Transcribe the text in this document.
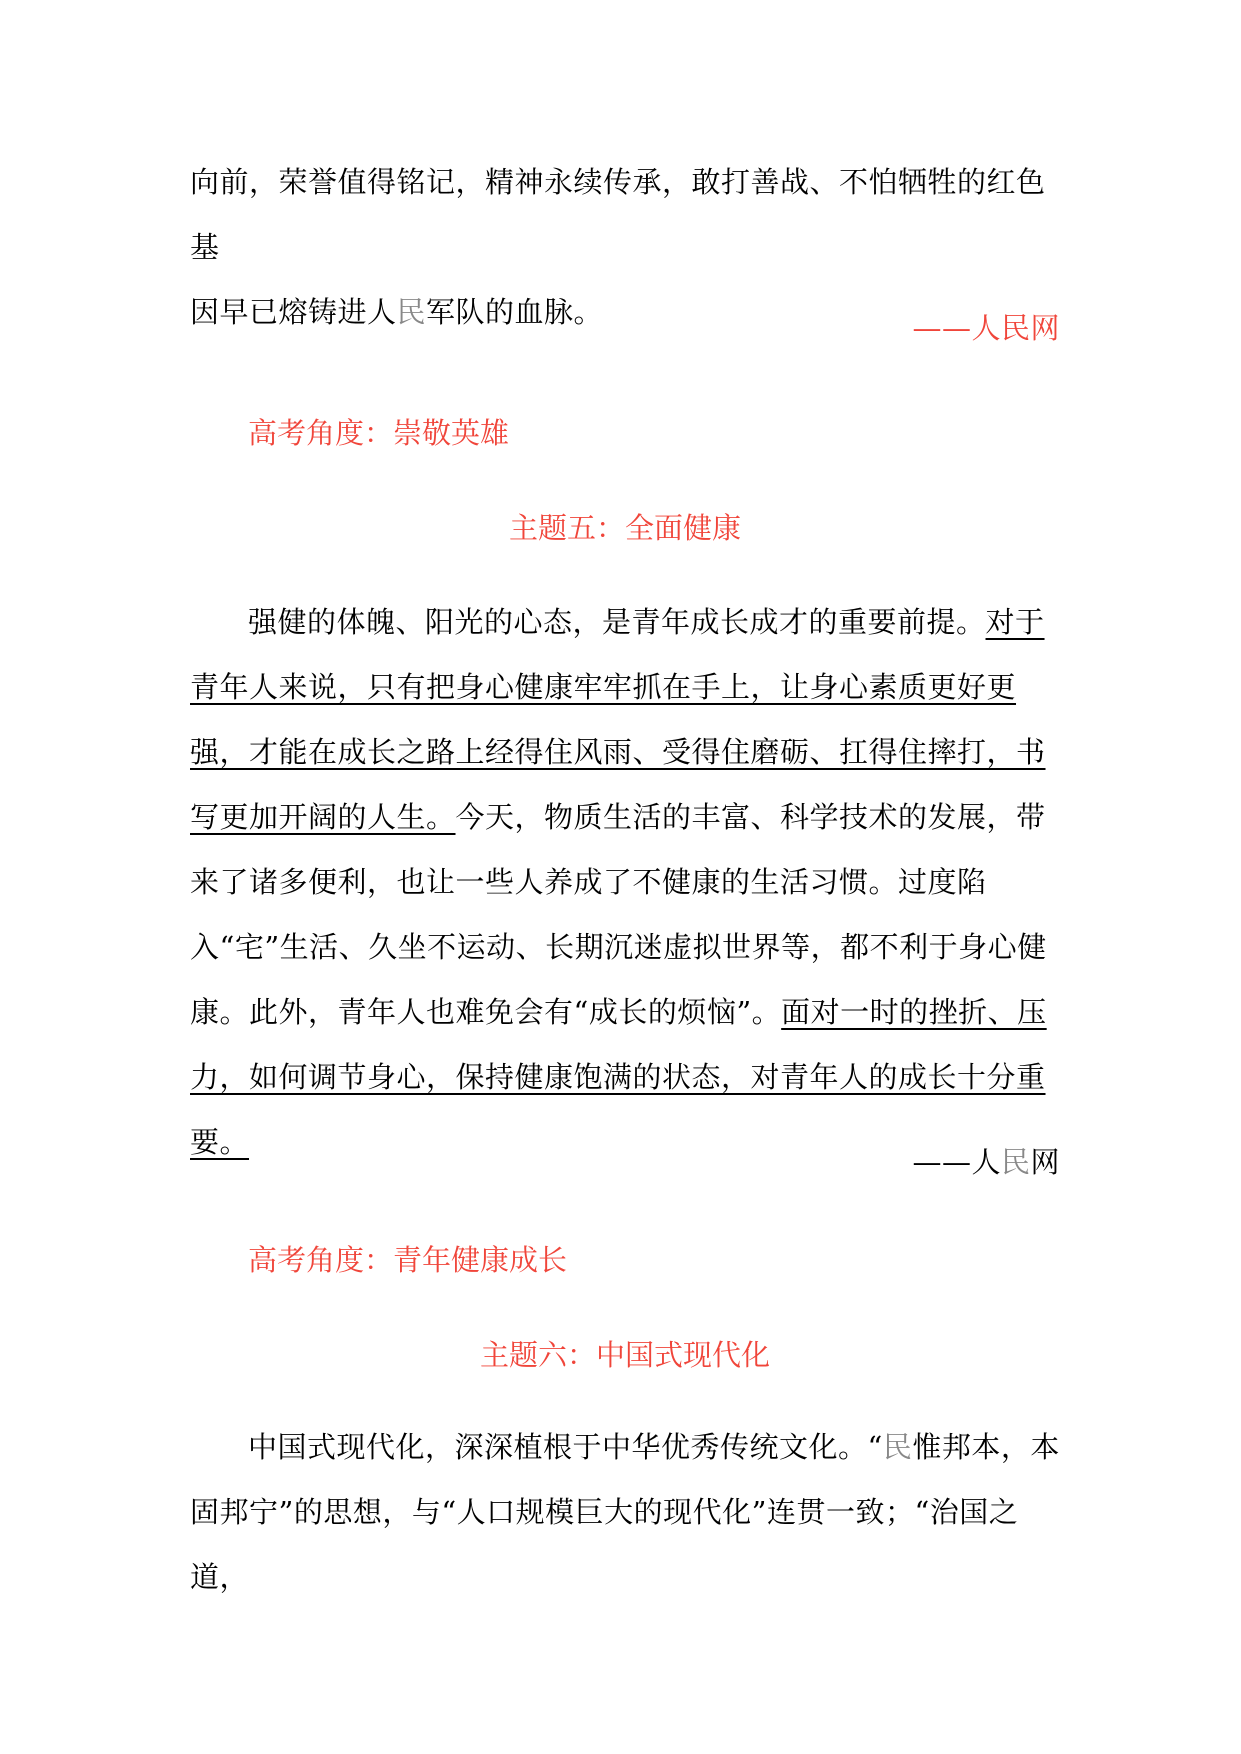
向前，荣誉值得铭记，精神永续传承，敢打善战、不怕牺牲的红色基
因早已熔铸进人民军队的血脉。	——人民网

高考角度：崇敬英雄

主题五：全面健康

强健的体魄、阳光的心态，是青年成长成才的重要前提。对于青年人来说，只有把身心健康牢牢抓在手上，让身心素质更好更强，才能在成长之路上经得住风雨、受得住磨砺、扛得住摔打，书写更加开阔的人生。今天，物质生活的丰富、科学技术的发展，带来了诸多便利，也让一些人养成了不健康的生活习惯。过度陷入“宅”生活、久坐不运动、长期沉迷虚拟世界等，都不利于身心健康。此外，青年人也难免会有“成长的烦恼”。面对一时的挫折、压力，如何调节身心，保持健康饱满的状态，对青年人的成长十分重要。

——人民网

高考角度：青年健康成长

主题六：中国式现代化

中国式现代化，深深植根于中华优秀传统文化。“民惟邦本，本固邦宁”的思想，与“人口规模巨大的现代化”连贯一致；“治国之道，
